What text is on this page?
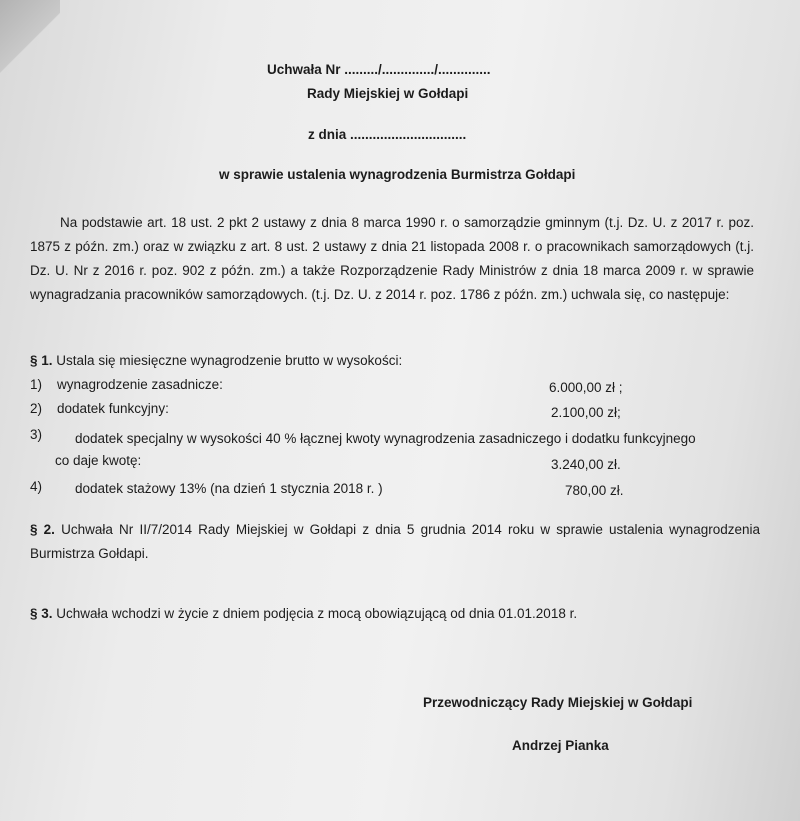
Uchwała Nr ........./............../..............
Rady Miejskiej w Gołdapi
z dnia ...............................
w sprawie ustalenia wynagrodzenia Burmistrza Gołdapi
Na podstawie art. 18 ust. 2 pkt 2 ustawy z dnia 8 marca 1990 r. o samorządzie gminnym (t.j. Dz. U. z 2017 r. poz. 1875 z późn. zm.) oraz w związku z art. 8 ust. 2 ustawy z dnia 21 listopada 2008 r. o pracownikach samorządowych (t.j. Dz. U. Nr z 2016 r. poz. 902 z późn. zm.) a także Rozporządzenie Rady Ministrów z dnia 18 marca 2009 r. w sprawie wynagradzania pracowników samorządowych. (t.j. Dz. U. z 2014 r. poz. 1786 z późn. zm.) uchwala się, co następuje:
§ 1. Ustala się miesięczne wynagrodzenie brutto w wysokości:
1) wynagrodzenie zasadnicze:	6.000,00 zł ;
2) dodatek funkcyjny:	2.100,00 zł;
3) dodatek specjalny w wysokości 40 % łącznej kwoty wynagrodzenia zasadniczego i dodatku funkcyjnego
co daje kwotę:	3.240,00 zł.
4) dodatek stażowy 13% (na dzień 1 stycznia 2018 r. )	780,00 zł.
§ 2. Uchwała Nr II/7/2014 Rady Miejskiej w Gołdapi z dnia 5 grudnia 2014 roku w sprawie ustalenia wynagrodzenia Burmistrza Gołdapi.
§ 3. Uchwała wchodzi w życie z dniem podjęcia z mocą obowiązującą od dnia 01.01.2018 r.
Przewodniczący Rady Miejskiej w Gołdapi
Andrzej Pianka
